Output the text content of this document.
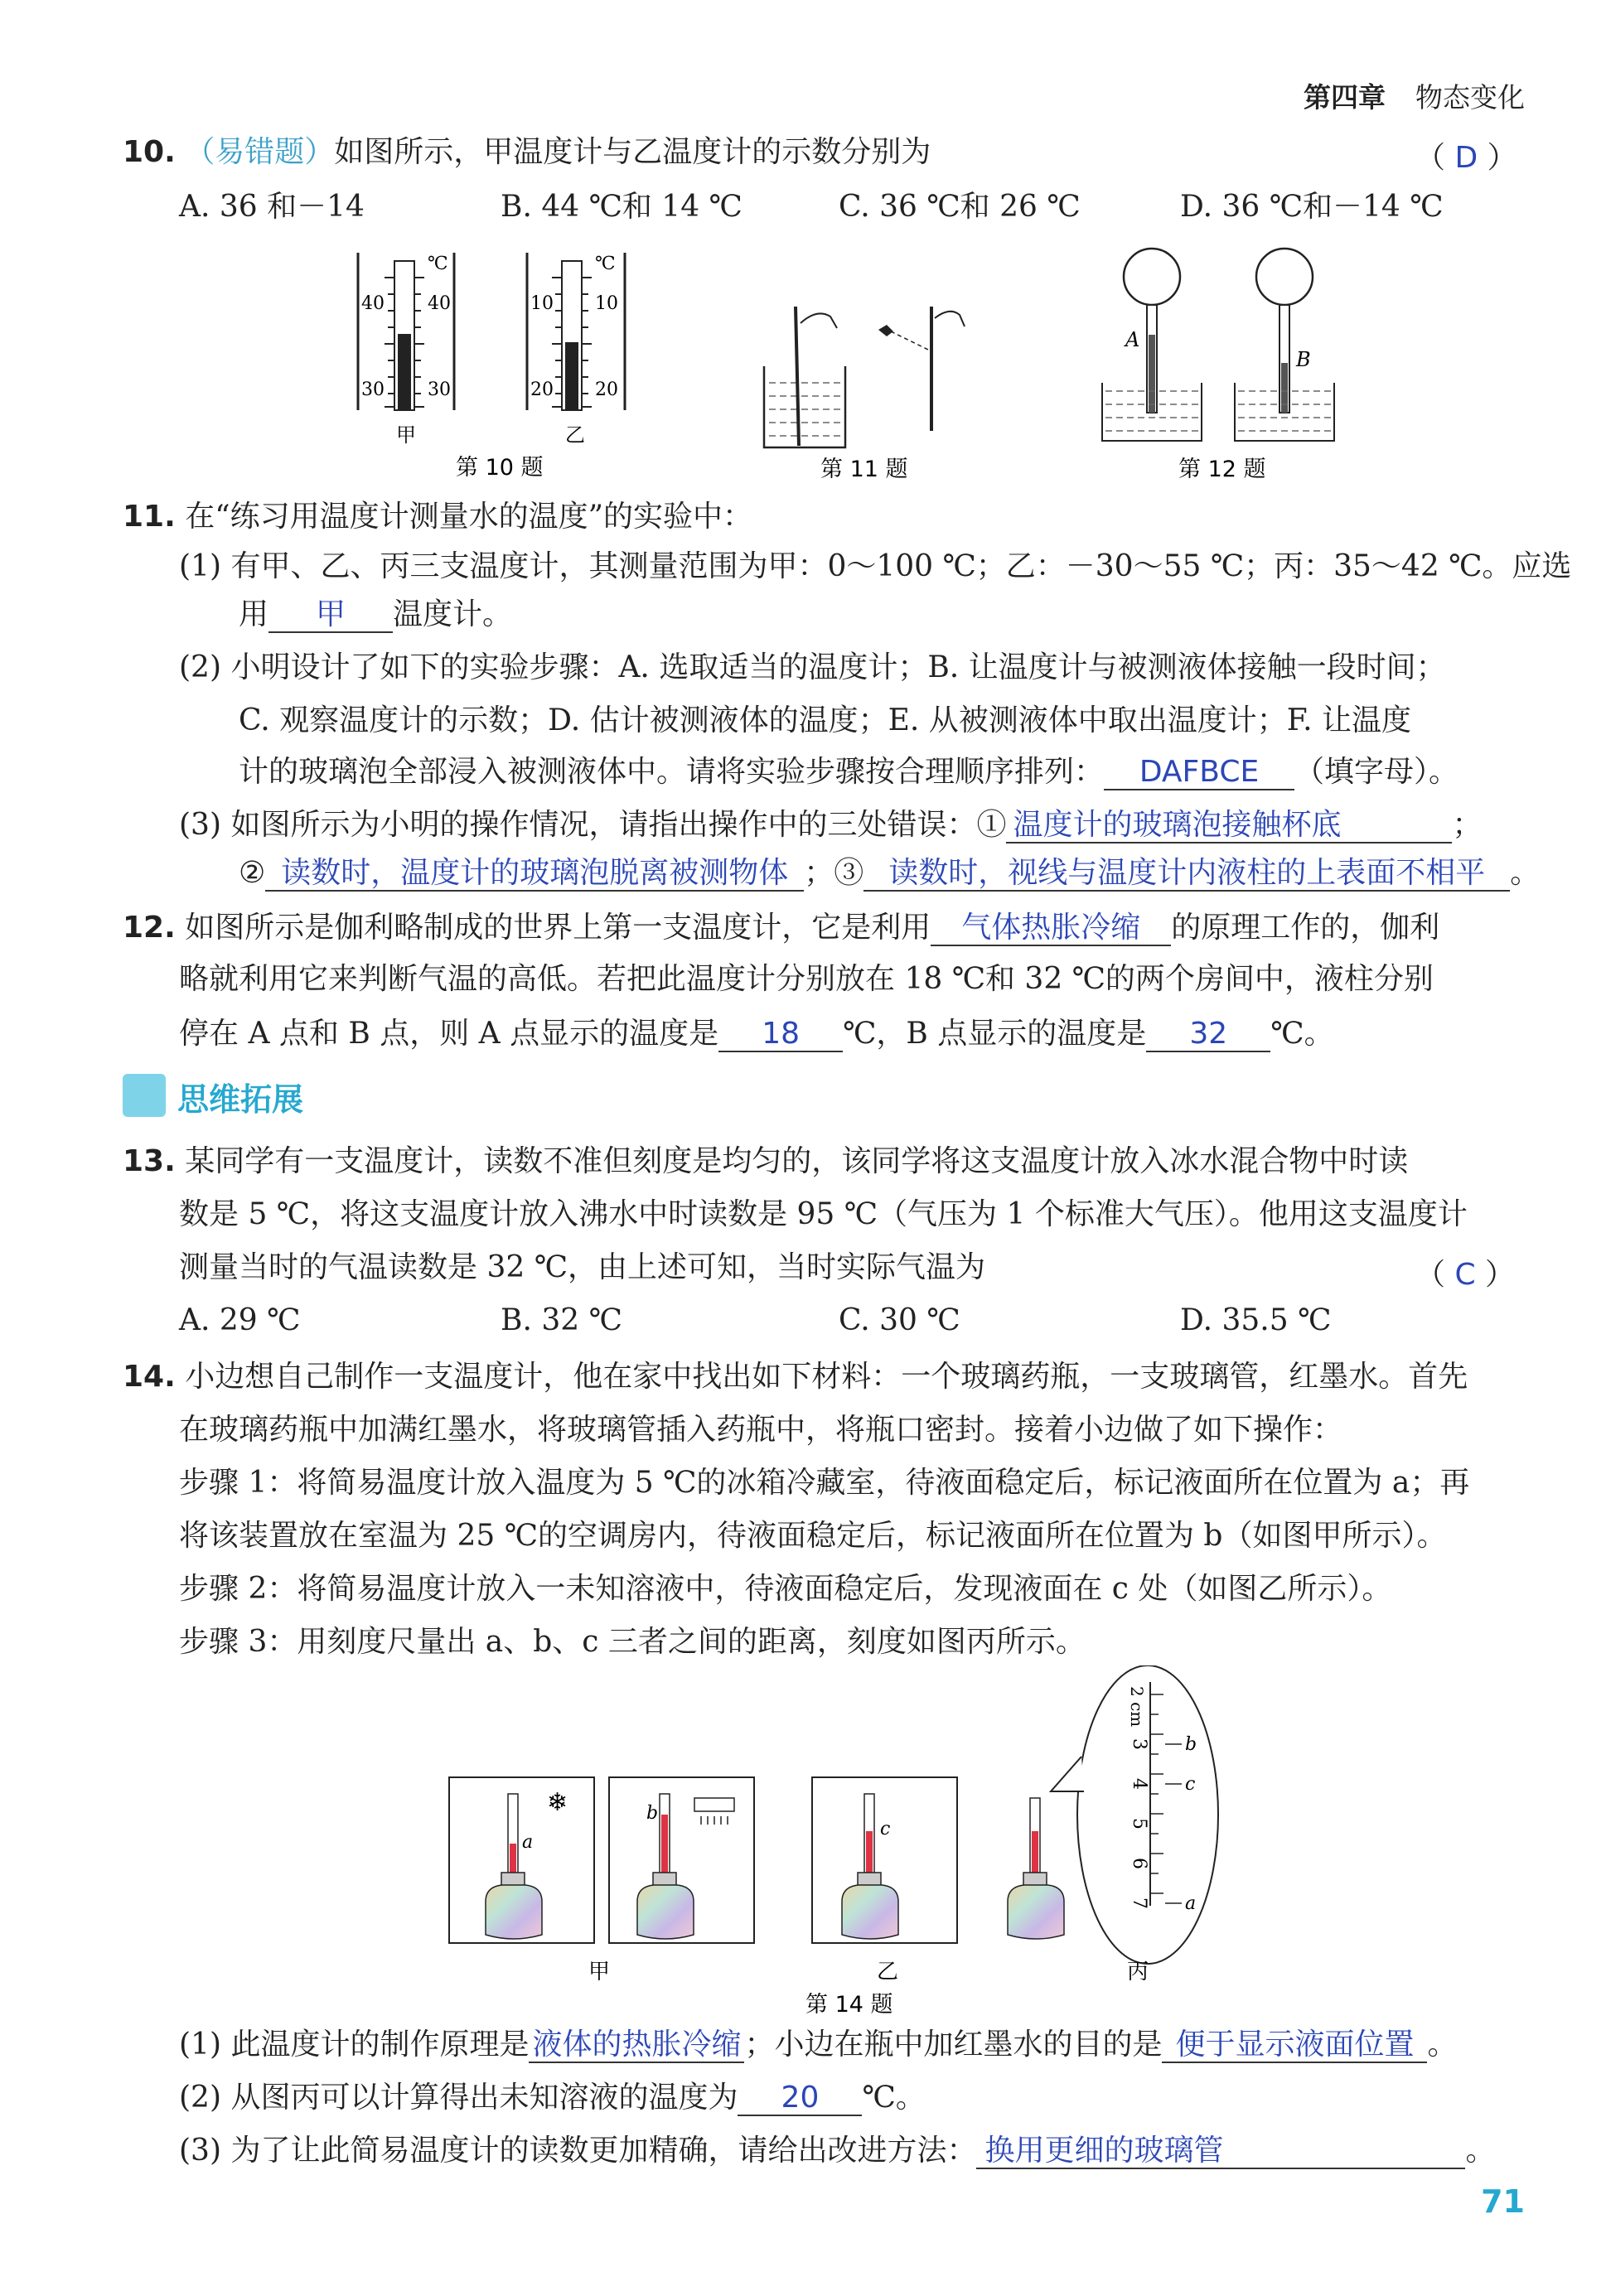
第四章 物态变化
10. （易错题）如图所示，甲温度计与乙温度计的示数分别为	（ D ）
A. 36 和－14	B. 44 ℃和 14 ℃	C. 36 ℃和 26 ℃	D. 36 ℃和－14 ℃
℃
40 40
30 30
甲
℃
10 10
20 20
乙
第 10 题	第 11 题
A
B
第 12 题
11. 在“练习用温度计测量水的温度”的实验中：
(1) 有甲、乙、丙三支温度计，其测量范围为甲：0～100 ℃；乙：－30～55 ℃；丙：35～42 ℃。应选
用 甲 温度计。
(2) 小明设计了如下的实验步骤：A. 选取适当的温度计；B. 让温度计与被测液体接触一段时间；
C. 观察温度计的示数；D. 估计被测液体的温度；E. 从被测液体中取出温度计；F. 让温度
计的玻璃泡全部浸入被测液体中。请将实验步骤按合理顺序排列： DAFBCE （填字母）。
(3) 如图所示为小明的操作情况，请指出操作中的三处错误：① 温度计的玻璃泡接触杯底	；
② 读数时，温度计的玻璃泡脱离被测物体 ；③ 读数时，视线与温度计内液柱的上表面不相平 。
12. 如图所示是伽利略制成的世界上第一支温度计，它是利用 气体热胀冷缩 的原理工作的，伽利
略就利用它来判断气温的高低。若把此温度计分别放在 18 ℃和 32 ℃的两个房间中，液柱分别
停在 A 点和 B 点，则 A 点显示的温度是 18 ℃，B 点显示的温度是 32 ℃。
思维拓展
13. 某同学有一支温度计，读数不准但刻度是均匀的，该同学将这支温度计放入冰水混合物中时读
数是 5 ℃，将这支温度计放入沸水中时读数是 95 ℃（气压为 1 个标准大气压）。他用这支温度计
测量当时的气温读数是 32 ℃，由上述可知，当时实际气温为	（ C ）
A. 29 ℃	B. 32 ℃	C. 30 ℃	D. 35.5 ℃
14. 小边想自己制作一支温度计，他在家中找出如下材料：一个玻璃药瓶，一支玻璃管，红墨水。首先
在玻璃药瓶中加满红墨水，将玻璃管插入药瓶中，将瓶口密封。接着小边做了如下操作：
步骤 1：将简易温度计放入温度为 5 ℃的冰箱冷藏室，待液面稳定后，标记液面所在位置为 a；再
将该装置放在室温为 25 ℃的空调房内，待液面稳定后，标记液面所在位置为 b（如图甲所示）。
步骤 2：将简易温度计放入一未知溶液中，待液面稳定后，发现液面在 c 处（如图乙所示）。
步骤 3：用刻度尺量出 a、b、c 三者之间的距离，刻度如图丙所示。
a
❄	b
甲
c
乙
2 cm
3
4
5
6
7
b
c
a
丙
第 14 题
(1) 此温度计的制作原理是 液体的热胀冷缩 ；小边在瓶中加红墨水的目的是 便于显示液面位置 。
(2) 从图丙可以计算得出未知溶液的温度为 20 ℃。
(3) 为了让此简易温度计的读数更加精确，请给出改进方法： 换用更细的玻璃管	。
71
